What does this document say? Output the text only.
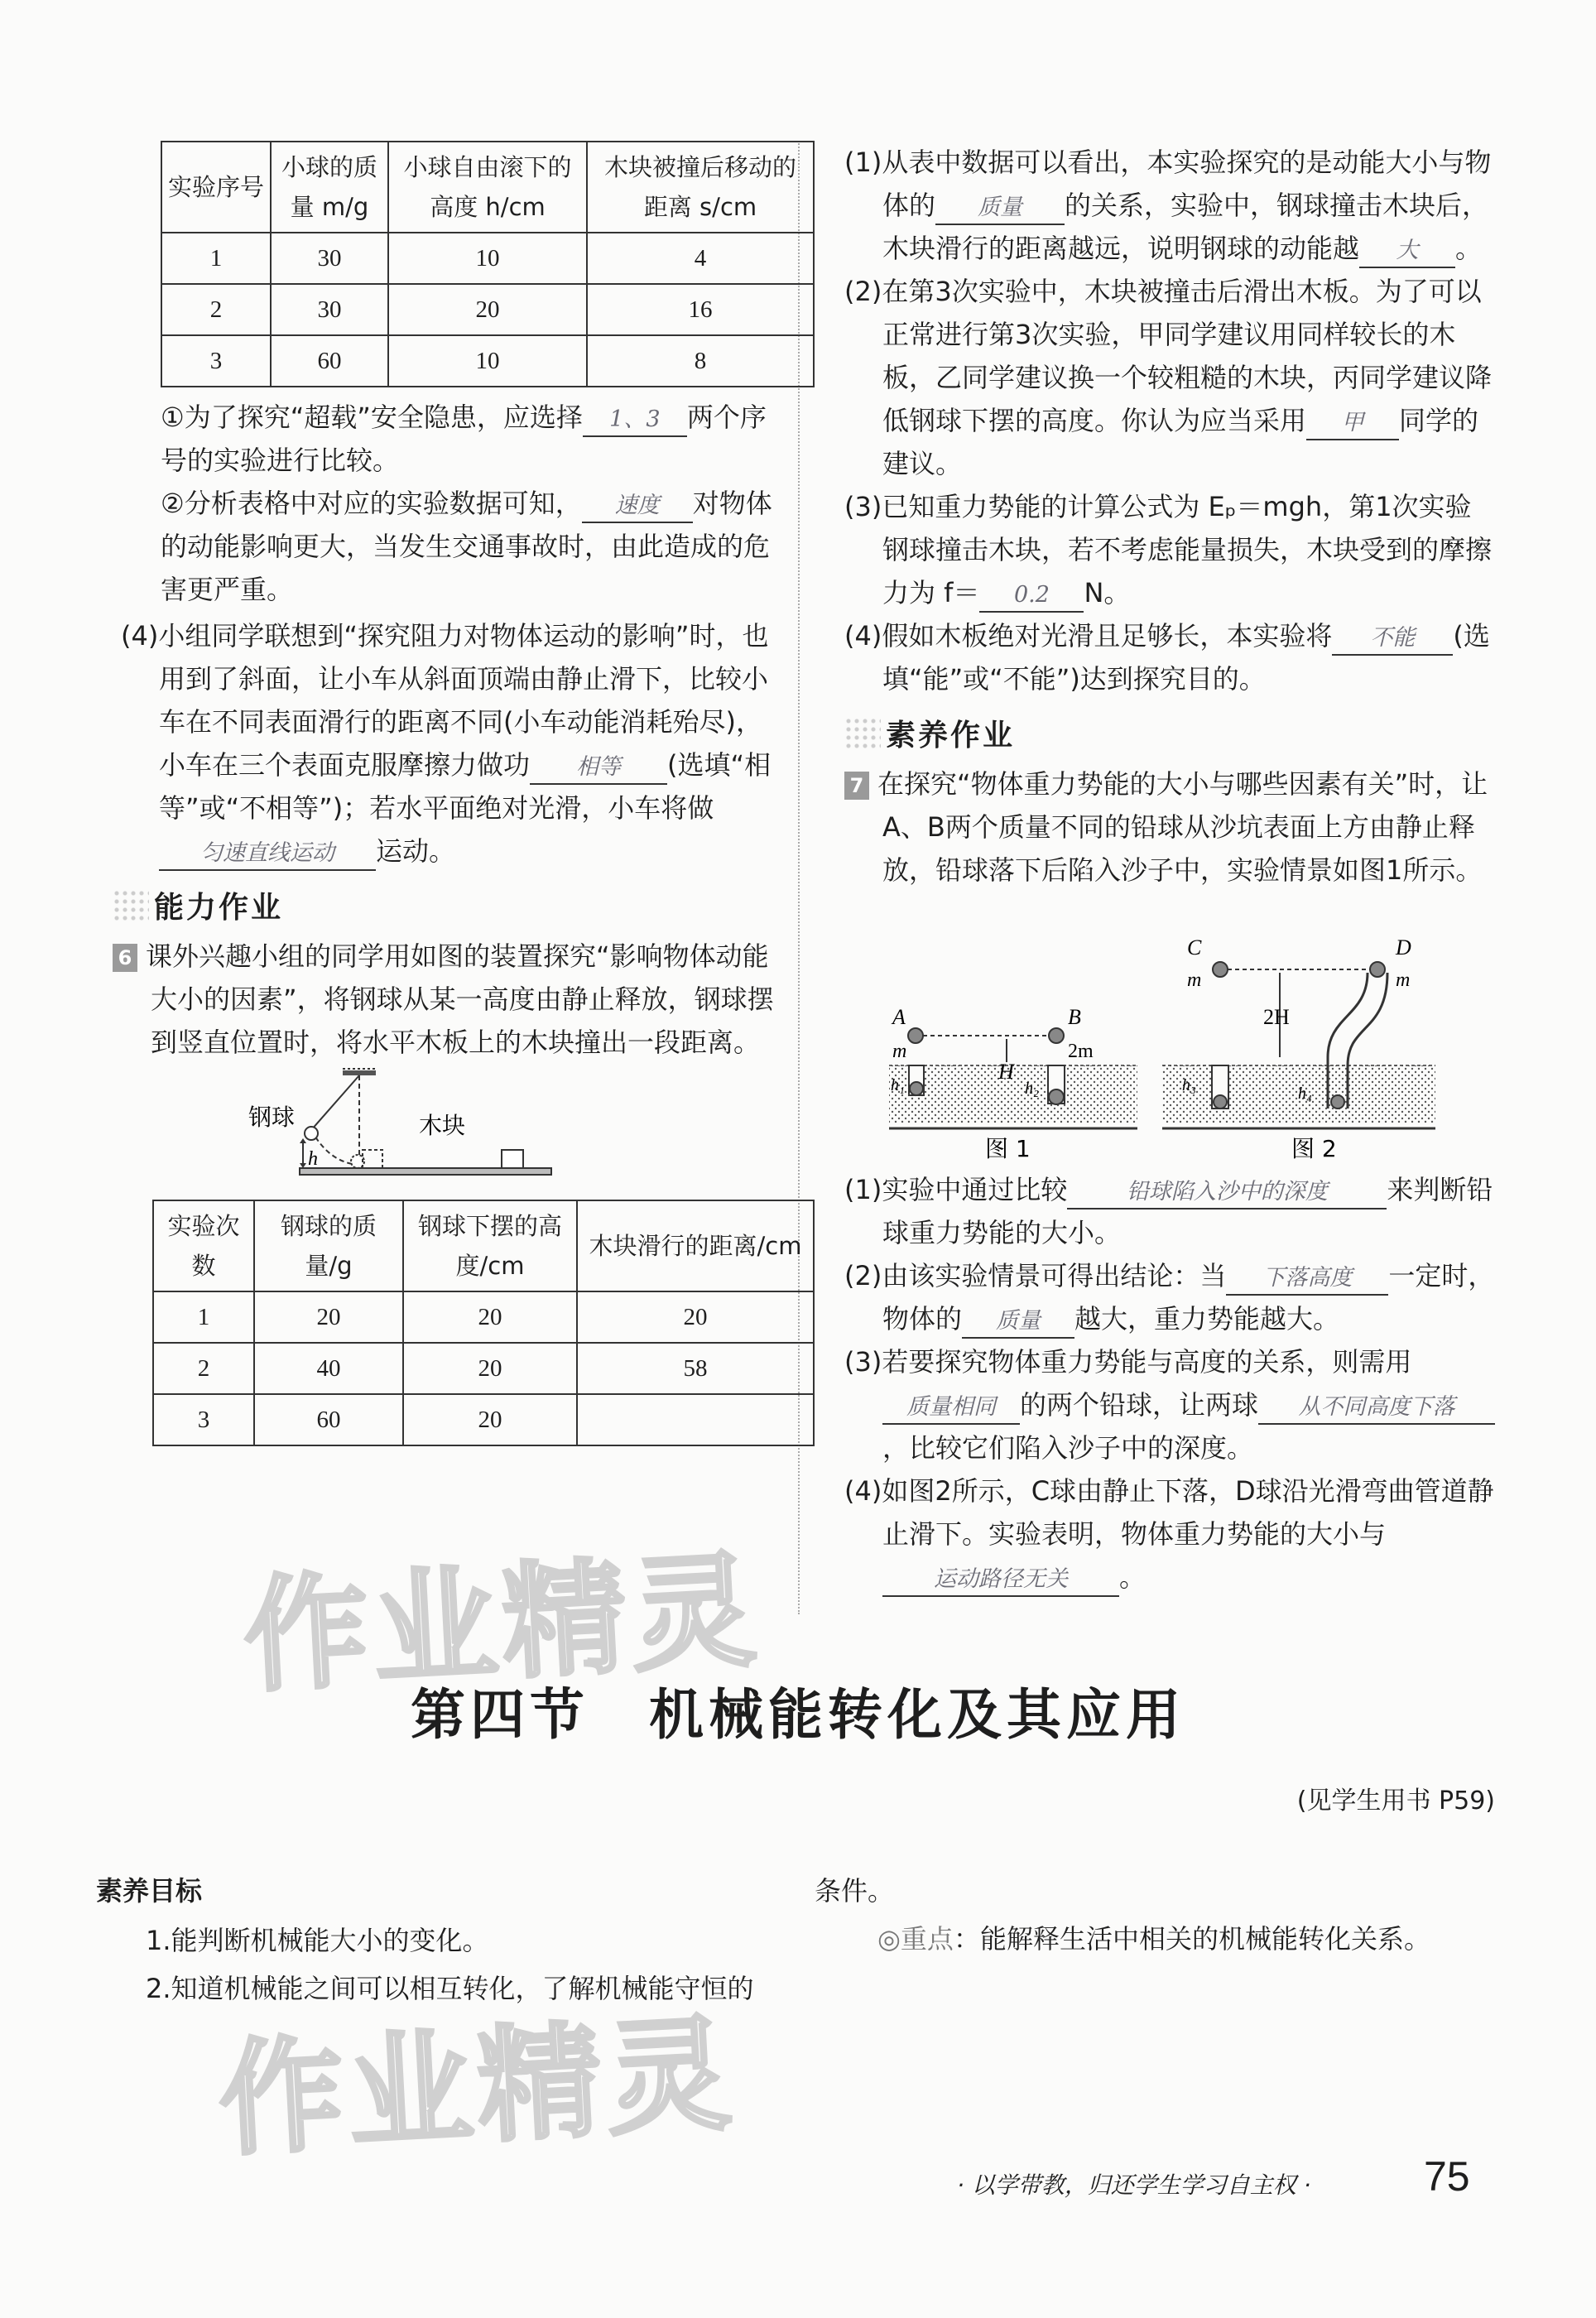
实验序号	小球的质量 m/g	小球自由滚下的高度 h/cm	木块被撞后移动的距离 s/cm
1	30	10	4
2	30	20	16
3	60	10	8
①为了探究“超载”安全隐患，应选择 1、3 两个序号的实验进行比较。
②分析表格中对应的实验数据可知， 速度 对物体的动能影响更大，当发生交通事故时，由此造成的危害更严重。
(4)小组同学联想到“探究阻力对物体运动的影响”时，也用到了斜面，让小车从斜面顶端由静止滑下，比较小车在不同表面滑行的距离不同(小车动能消耗殆尽)，小车在三个表面克服摩擦力做功 相等 (选填“相等”或“不相等”)；若水平面绝对光滑，小车将做匀速直线运动 运动。
能力作业
6 课外兴趣小组的同学用如图的装置探究“影响物体动能大小的因素”，将钢球从某一高度由静止释放，钢球摆到竖直位置时，将水平木板上的木块撞出一段距离。
h
钢球	木块
实验次数	钢球的质量/g	钢球下摆的高度/cm	木块滑行的距离/cm
1	20	20	20
2	40	20	58
3	60	20	
(1)从表中数据可以看出，本实验探究的是动能大小与物体的 质量 的关系，实验中，钢球撞击木块后，木块滑行的距离越远，说明钢球的动能越 大 。
(2)在第3次实验中，木块被撞击后滑出木板。为了可以正常进行第3次实验，甲同学建议用同样较长的木板，乙同学建议换一个较粗糙的木块，丙同学建议降低钢球下摆的高度。你认为应当采用 甲 同学的建议。
(3)已知重力势能的计算公式为 Eₚ＝mgh，第1次实验钢球撞击木块，若不考虑能量损失，木块受到的摩擦力为 f＝ 0.2 N。
(4)假如木板绝对光滑且足够长，本实验将 不能 (选填“能”或“不能”)达到探究目的。
素养作业
7 在探究“物体重力势能的大小与哪些因素有关”时，让A、B两个质量不同的铅球从沙坑表面上方由静止释放，铅球落下后陷入沙子中，实验情景如图1所示。
A
m
B
2m
H
h₁	h₂
图 1
C
m
2H
D
m
h₃	h₄
图 2
(1)实验中通过比较	铅球陷入沙中的深度 来判断铅球重力势能的大小。
(2)由该实验情景可得出结论：当 下落高度 一定时，物体的 质量 越大，重力势能越大。
(3)若要探究物体重力势能与高度的关系，则需用质量相同 的两个铅球，让两球 从不同高度下落，比较它们陷入沙子中的深度。
(4)如图2所示，C球由静止下落，D球沿光滑弯曲管道静止滑下。实验表明，物体重力势能的大小与运动路径无关 。
作业精灵
作业精灵
第四节　机械能转化及其应用
(见学生用书 P59)
素养目标
1.能判断机械能大小的变化。
2.知道机械能之间可以相互转化，了解机械能守恒的
条件。
◎重点：能解释生活中相关的机械能转化关系。
· 以学带教，归还学生学习自主权 ·	75
